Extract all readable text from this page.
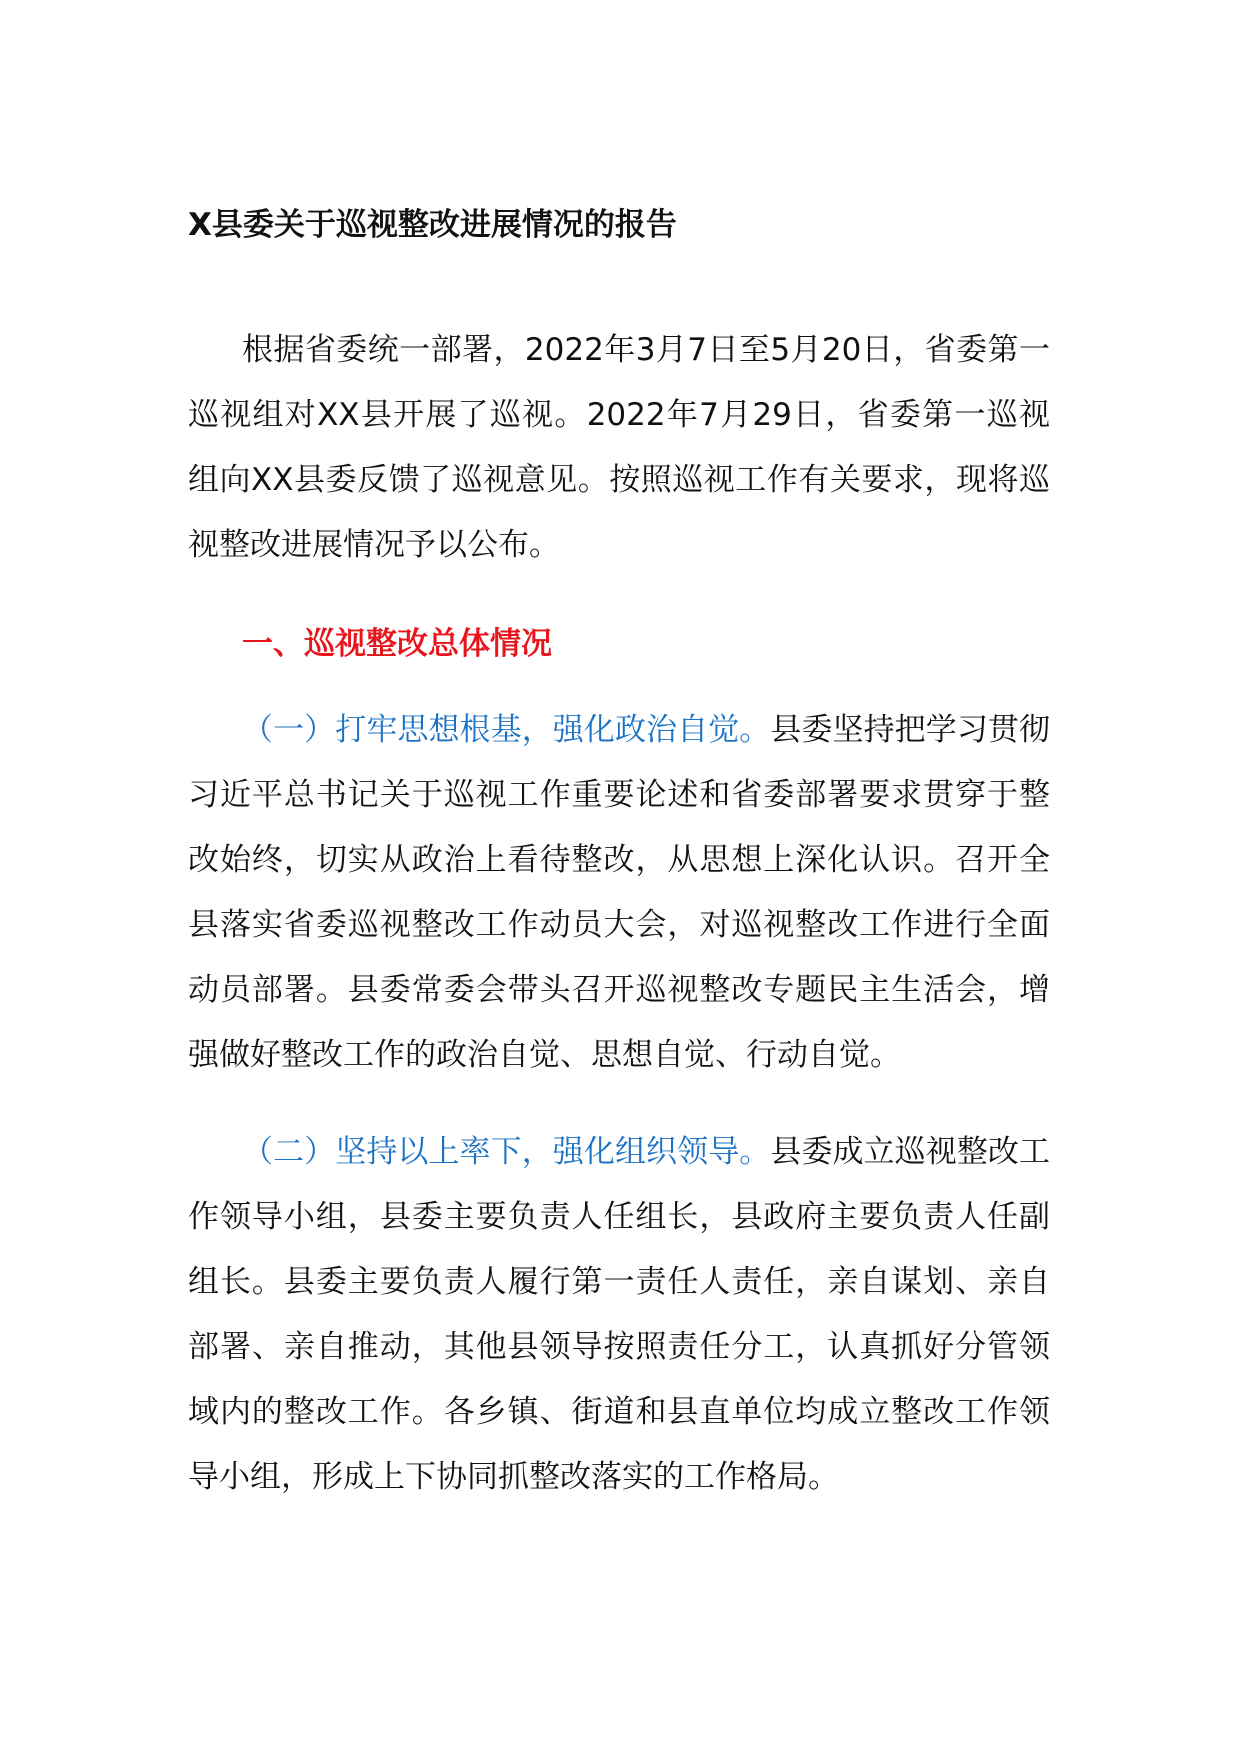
X县委关于巡视整改进展情况的报告

根据省委统一部署，2022年3月7日至5月20日，省委第一巡视组对XX县开展了巡视。2022年7月29日，省委第一巡视组向XX县委反馈了巡视意见。按照巡视工作有关要求，现将巡视整改进展情况予以公布。

一、巡视整改总体情况

（一）打牢思想根基，强化政治自觉。县委坚持把学习贯彻习近平总书记关于巡视工作重要论述和省委部署要求贯穿于整改始终，切实从政治上看待整改，从思想上深化认识。召开全县落实省委巡视整改工作动员大会，对巡视整改工作进行全面动员部署。县委常委会带头召开巡视整改专题民主生活会，增强做好整改工作的政治自觉、思想自觉、行动自觉。

（二）坚持以上率下，强化组织领导。县委成立巡视整改工作领导小组，县委主要负责人任组长，县政府主要负责人任副组长。县委主要负责人履行第一责任人责任，亲自谋划、亲自部署、亲自推动，其他县领导按照责任分工，认真抓好分管领域内的整改工作。各乡镇、街道和县直单位均成立整改工作领导小组，形成上下协同抓整改落实的工作格局。
